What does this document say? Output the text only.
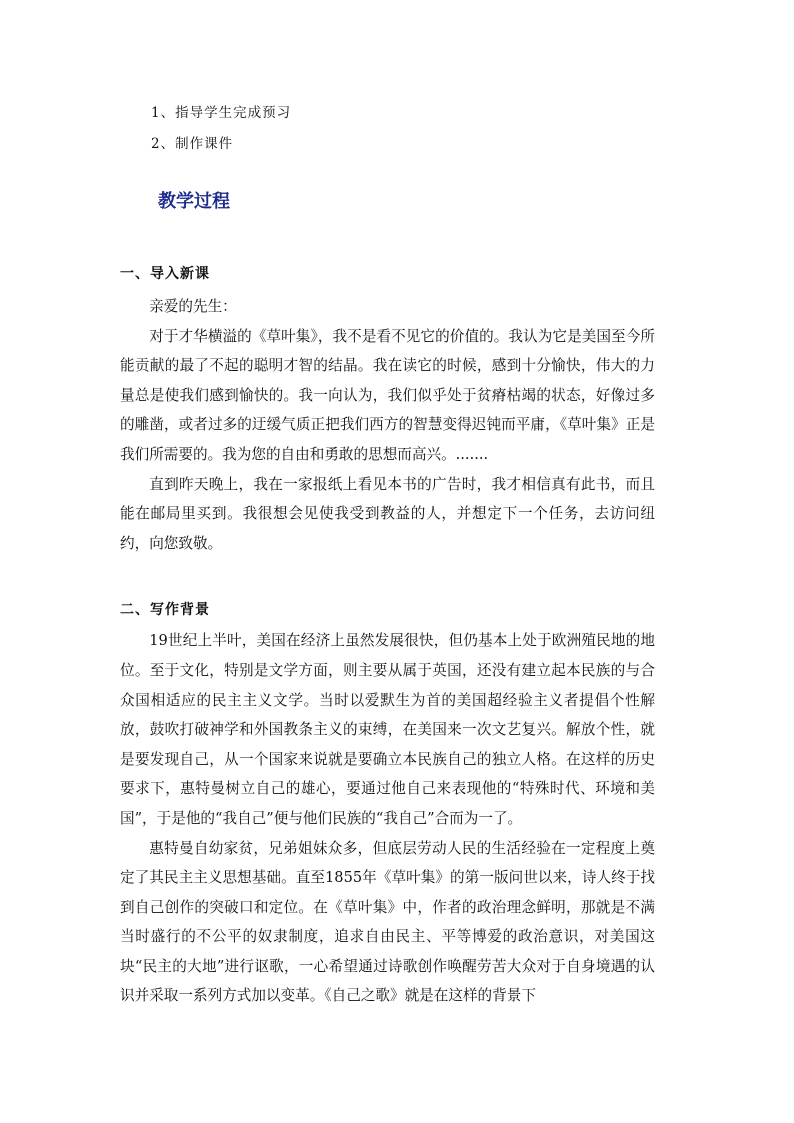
1、指导学生完成预习
2、制作课件
教学过程
一、导入新课

亲爱的先生：

对于才华横溢的《草叶集》，我不是看不见它的价值的。我认为它是美国至今所能贡献的最了不起的聪明才智的结晶。我在读它的时候，感到十分愉快，伟大的力量总是使我们感到愉快的。我一向认为，我们似乎处于贫瘠枯竭的状态，好像过多的雕凿，或者过多的迂缓气质正把我们西方的智慧变得迟钝而平庸，《草叶集》正是我们所需要的。我为您的自由和勇敢的思想而高兴。.......

直到昨天晚上，我在一家报纸上看见本书的广告时，我才相信真有此书，而且能在邮局里买到。我很想会见使我受到教益的人，并想定下一个任务，去访问纽约，向您致敬。

二、写作背景

19世纪上半叶，美国在经济上虽然发展很快，但仍基本上处于欧洲殖民地的地位。至于文化，特别是文学方面，则主要从属于英国，还没有建立起本民族的与合众国相适应的民主主义文学。当时以爱默生为首的美国超经验主义者提倡个性解放，鼓吹打破神学和外国教条主义的束缚，在美国来一次文艺复兴。解放个性，就是要发现自己，从一个国家来说就是要确立本民族自己的独立人格。在这样的历史要求下，惠特曼树立自己的雄心，要通过他自己来表现他的“特殊时代、环境和美国”，于是他的“我自己”便与他们民族的“我自己”合而为一了。

惠特曼自幼家贫，兄弟姐妹众多，但底层劳动人民的生活经验在一定程度上奠定了其民主主义思想基础。直至1855年《草叶集》的第一版问世以来，诗人终于找到自己创作的突破口和定位。在《草叶集》中，作者的政治理念鲜明，那就是不满当时盛行的不公平的奴隶制度，追求自由民主、平等博爱的政治意识，对美国这块“民主的大地”进行讴歌，一心希望通过诗歌创作唤醒劳苦大众对于自身境遇的认识并采取一系列方式加以变革。《自己之歌》就是在这样的背景下
